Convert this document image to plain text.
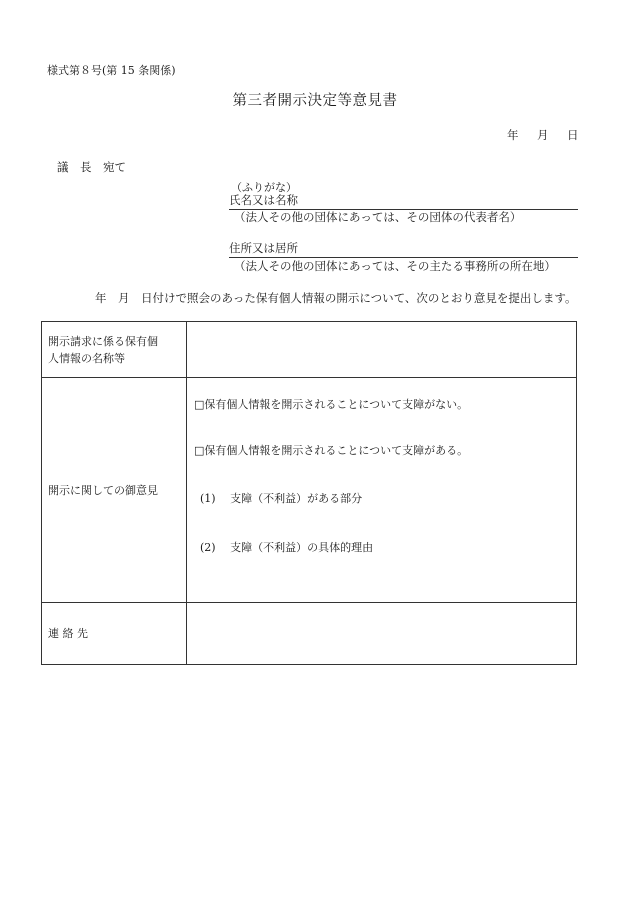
様式第８号(第 15 条関係)
第三者開示決定等意見書
年 月 日
議　長　宛て
（ふりがな）
氏名又は名称
（法人その他の団体にあっては、その団体の代表者名）
住所又は居所
（法人その他の団体にあっては、その主たる事務所の所在地）
年　月　日付けで照会のあった保有個人情報の開示について、次のとおり意見を提出します。
開示請求に係る保有個
人情報の名称等	

開示に関しての御意見	□保有個人情報を開示されることについて支障がない。
□保有個人情報を開示されることについて支障がある。
(1)　 支障（不利益）がある部分
(2)　 支障（不利益）の具体的理由

連 絡 先	
